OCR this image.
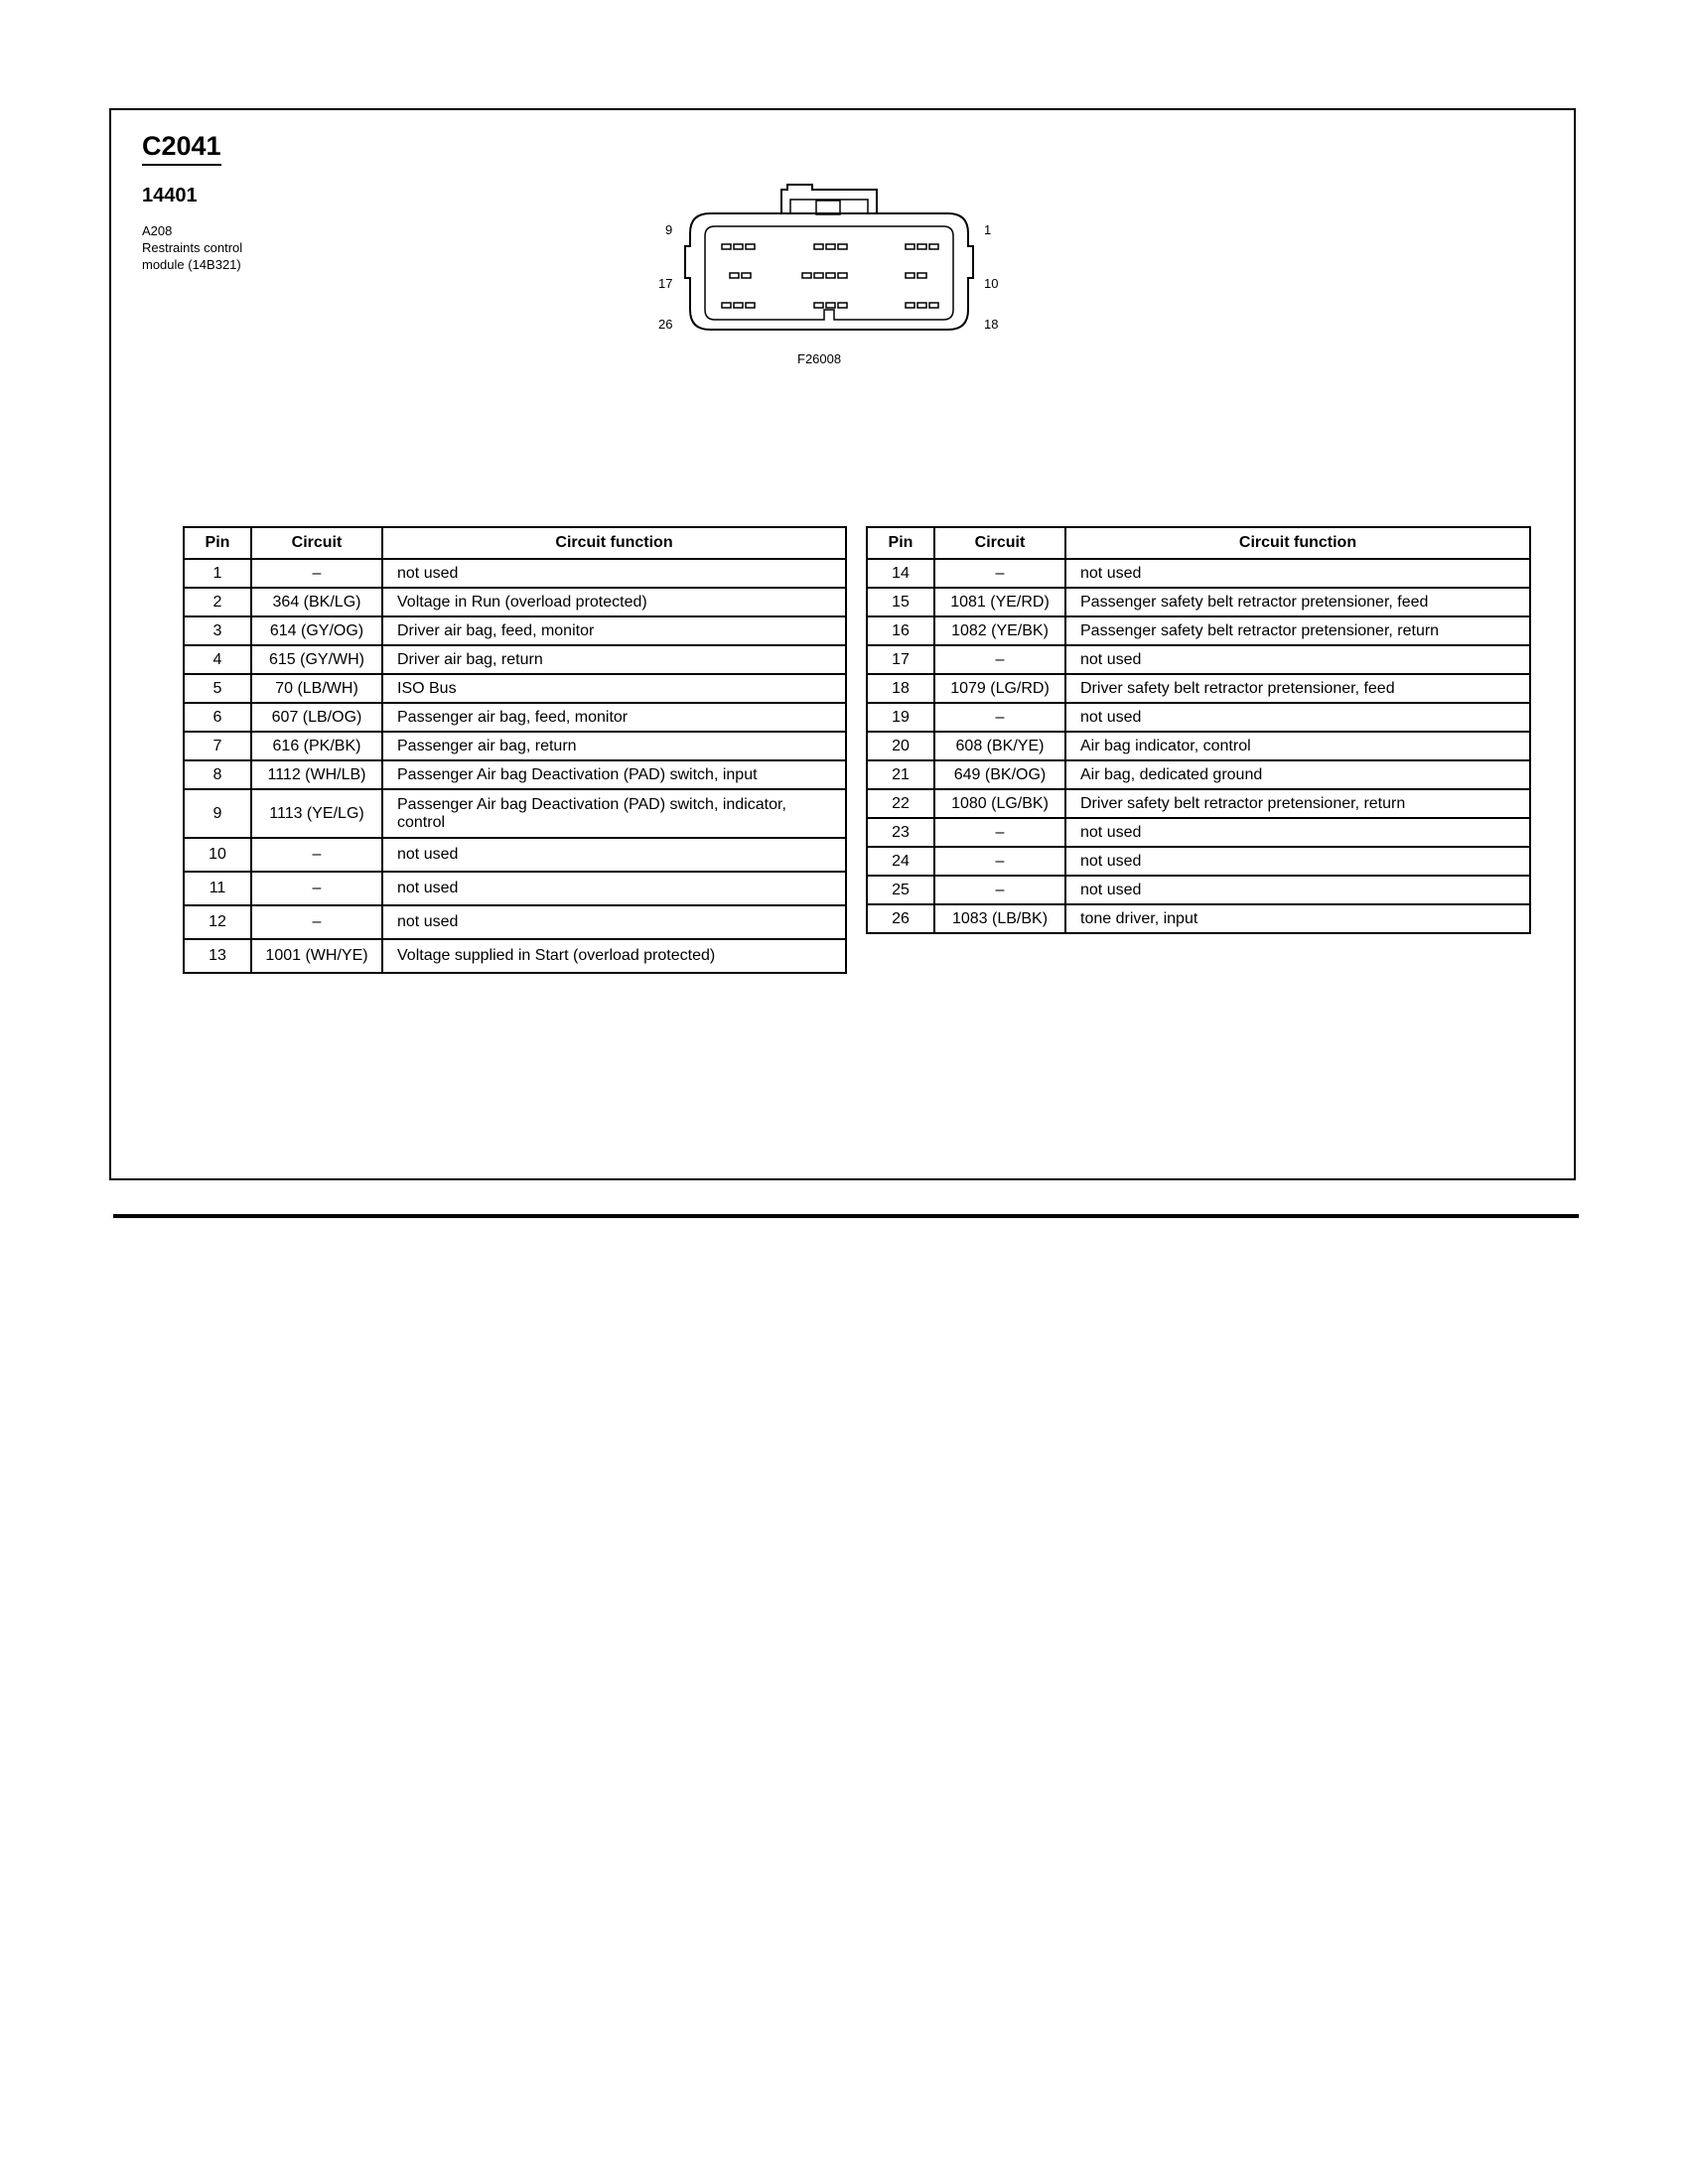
C2041
14401
A208
Restraints control
module (14B321)
9	1
17	10
26	18
F26008
Pin	Circuit	Circuit function
1	–	not used
2	364 (BK/LG)	Voltage in Run (overload protected)
3	614 (GY/OG)	Driver air bag, feed, monitor
4	615 (GY/WH)	Driver air bag, return
5	70 (LB/WH)	ISO Bus
6	607 (LB/OG)	Passenger air bag, feed, monitor
7	616 (PK/BK)	Passenger air bag, return
8	1112 (WH/LB)	Passenger Air bag Deactivation (PAD) switch, input
9	1113 (YE/LG)	Passenger Air bag Deactivation (PAD) switch, indicator, control
10	–	not used
11	–	not used
12	–	not used
13	1001 (WH/YE)	Voltage supplied in Start (overload protected)
Pin	Circuit	Circuit function
14	–	not used
15	1081 (YE/RD)	Passenger safety belt retractor pretensioner, feed
16	1082 (YE/BK)	Passenger safety belt retractor pretensioner, return
17	–	not used
18	1079 (LG/RD)	Driver safety belt retractor pretensioner, feed
19	–	not used
20	608 (BK/YE)	Air bag indicator, control
21	649 (BK/OG)	Air bag, dedicated ground
22	1080 (LG/BK)	Driver safety belt retractor pretensioner, return
23	–	not used
24	–	not used
25	–	not used
26	1083 (LB/BK)	tone driver, input
